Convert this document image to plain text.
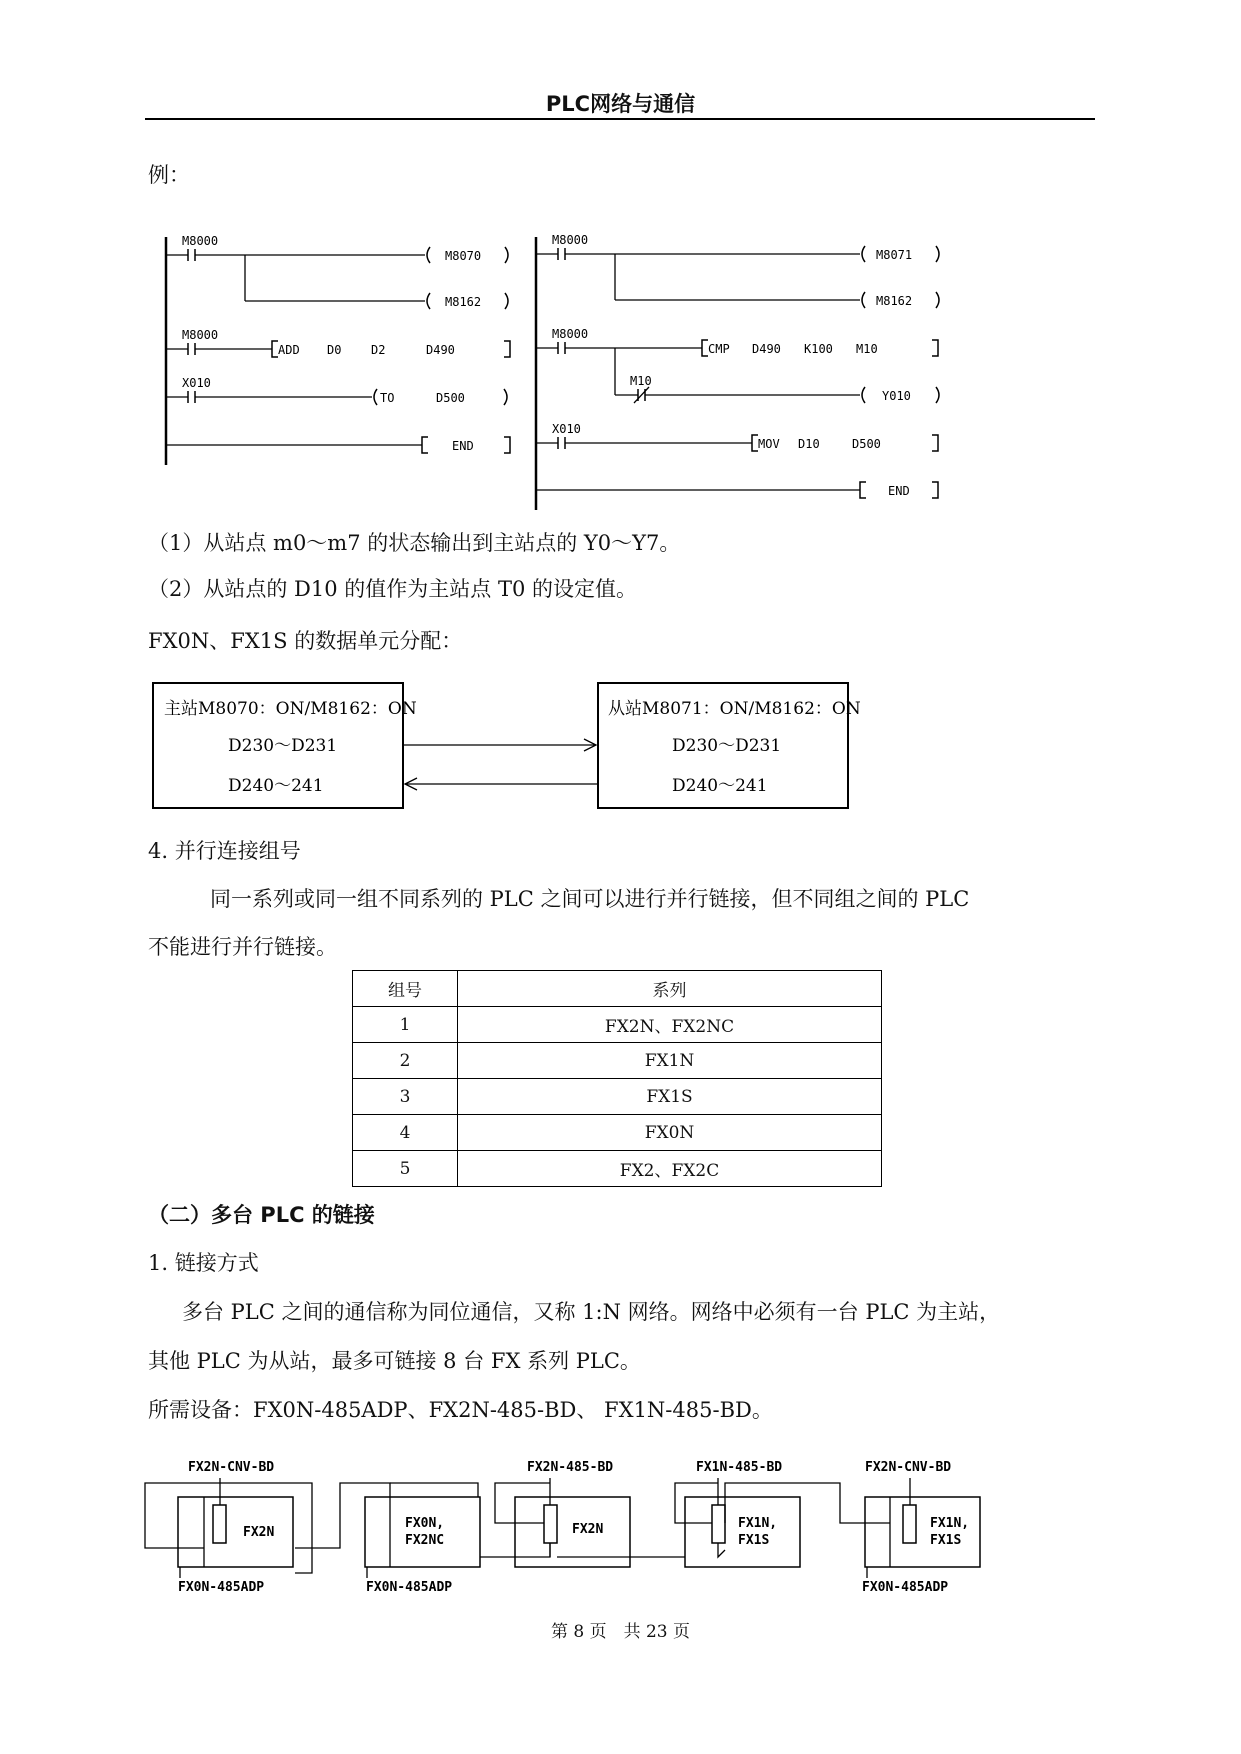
PLC网络与通信
例：
M8000
M8070
M8162
M8000
ADD D0 D2	D490
X010
TO	D500
END
M8000
M8071
M8162
M8000
CMP D490 K100 M10
M10
Y010
X010
MOV D10	D500
END
（1）从站点 m0～m7 的状态输出到主站点的 Y0～Y7。
（2）从站点的 D10 的值作为主站点 T0 的设定值。
FX0N、FX1S 的数据单元分配：
主站M8070：ON/M8162：ON
D230～D231
D240～241
从站M8071：ON/M8162：ON
D230～D231
D240～241
4. 并行连接组号
同一系列或同一组不同系列的 PLC 之间可以进行并行链接，但不同组之间的 PLC
不能进行并行链接。
组号	系列
1	FX2N、FX2NC
2	FX1N
3	FX1S
4	FX0N
5	FX2、FX2C
（二）多台 PLC 的链接
1. 链接方式
多台 PLC 之间的通信称为同位通信，又称 1:N 网络。网络中必须有一台 PLC 为主站，
其他 PLC 为从站，最多可链接 8 台 FX 系列 PLC。
所需设备：FX0N-485ADP、FX2N-485-BD、 FX1N-485-BD。
FX2N-CNV-BD
FX2N
FX0N-485ADP
FX0N,
FX2NC
FX0N-485ADP
FX2N-485-BD
FX2N
FX1N-485-BD
FX1N,
FX1S
FX2N-CNV-BD
FX1N,
FX1S
FX0N-485ADP
第 8 页　共 23 页
